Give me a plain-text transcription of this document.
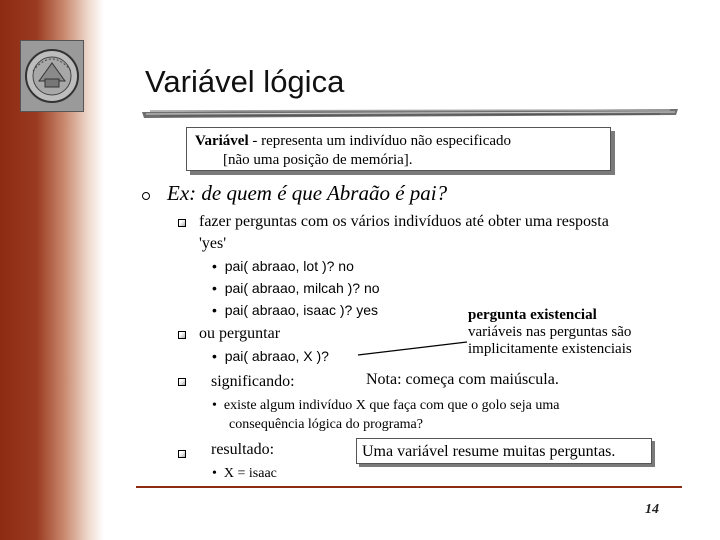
Variável lógica
Variável - representa um indivíduo não especificado
[não uma posição de memória].
Ex: de quem é que Abraão é pai?
fazer perguntas com os vários indivíduos até obter uma resposta
'yes'
• pai( abraao, lot )? no
• pai( abraao, milcah )? no
• pai( abraao, isaac )? yes
ou perguntar
• pai( abraao, X )?
pergunta existencial
variáveis nas perguntas são
implicitamente existenciais
significando:	Nota: começa com maiúscula.
• existe algum indivíduo X que faça com que o golo seja uma
consequência lógica do programa?
resultado:	Uma variável resume muitas perguntas.
• X = isaac
14
